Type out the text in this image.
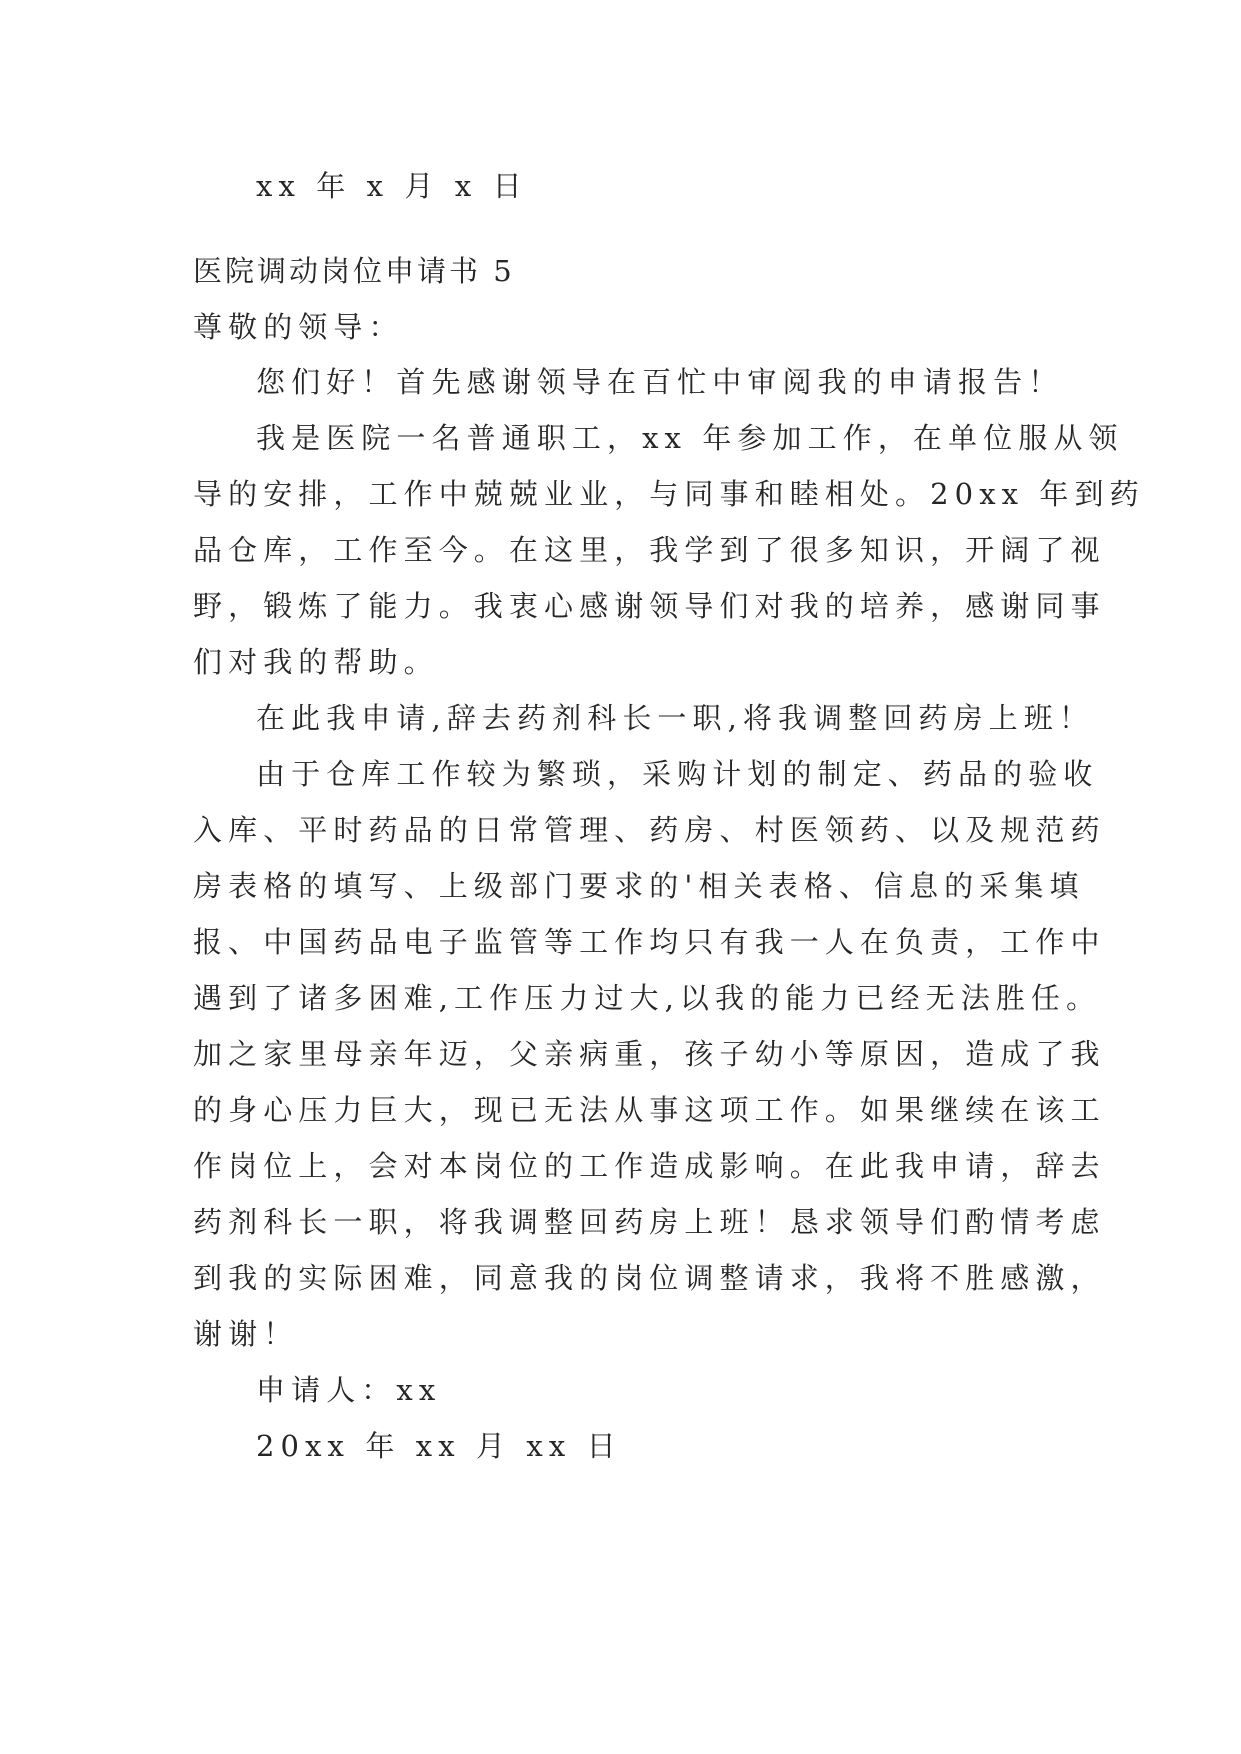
xx 年 x 月 x 日
医院调动岗位申请书 5
尊敬的领导：
您们好！首先感谢领导在百忙中审阅我的申请报告！
我是医院一名普通职工，xx 年参加工作，在单位服从领
导的安排，工作中兢兢业业，与同事和睦相处。20xx 年到药
品仓库，工作至今。在这里，我学到了很多知识，开阔了视
野，锻炼了能力。我衷心感谢领导们对我的培养，感谢同事
们对我的帮助。
在此我申请,辞去药剂科长一职,将我调整回药房上班！
由于仓库工作较为繁琐，采购计划的制定、药品的验收
入库、平时药品的日常管理、药房、村医领药、以及规范药
房表格的填写、上级部门要求的'相关表格、信息的采集填
报、中国药品电子监管等工作均只有我一人在负责，工作中
遇到了诸多困难,工作压力过大,以我的能力已经无法胜任。
加之家里母亲年迈，父亲病重，孩子幼小等原因，造成了我
的身心压力巨大，现已无法从事这项工作。如果继续在该工
作岗位上，会对本岗位的工作造成影响。在此我申请，辞去
药剂科长一职，将我调整回药房上班！恳求领导们酌情考虑
到我的实际困难，同意我的岗位调整请求，我将不胜感激，
谢谢！
申请人：xx
20xx 年 xx 月 xx 日
